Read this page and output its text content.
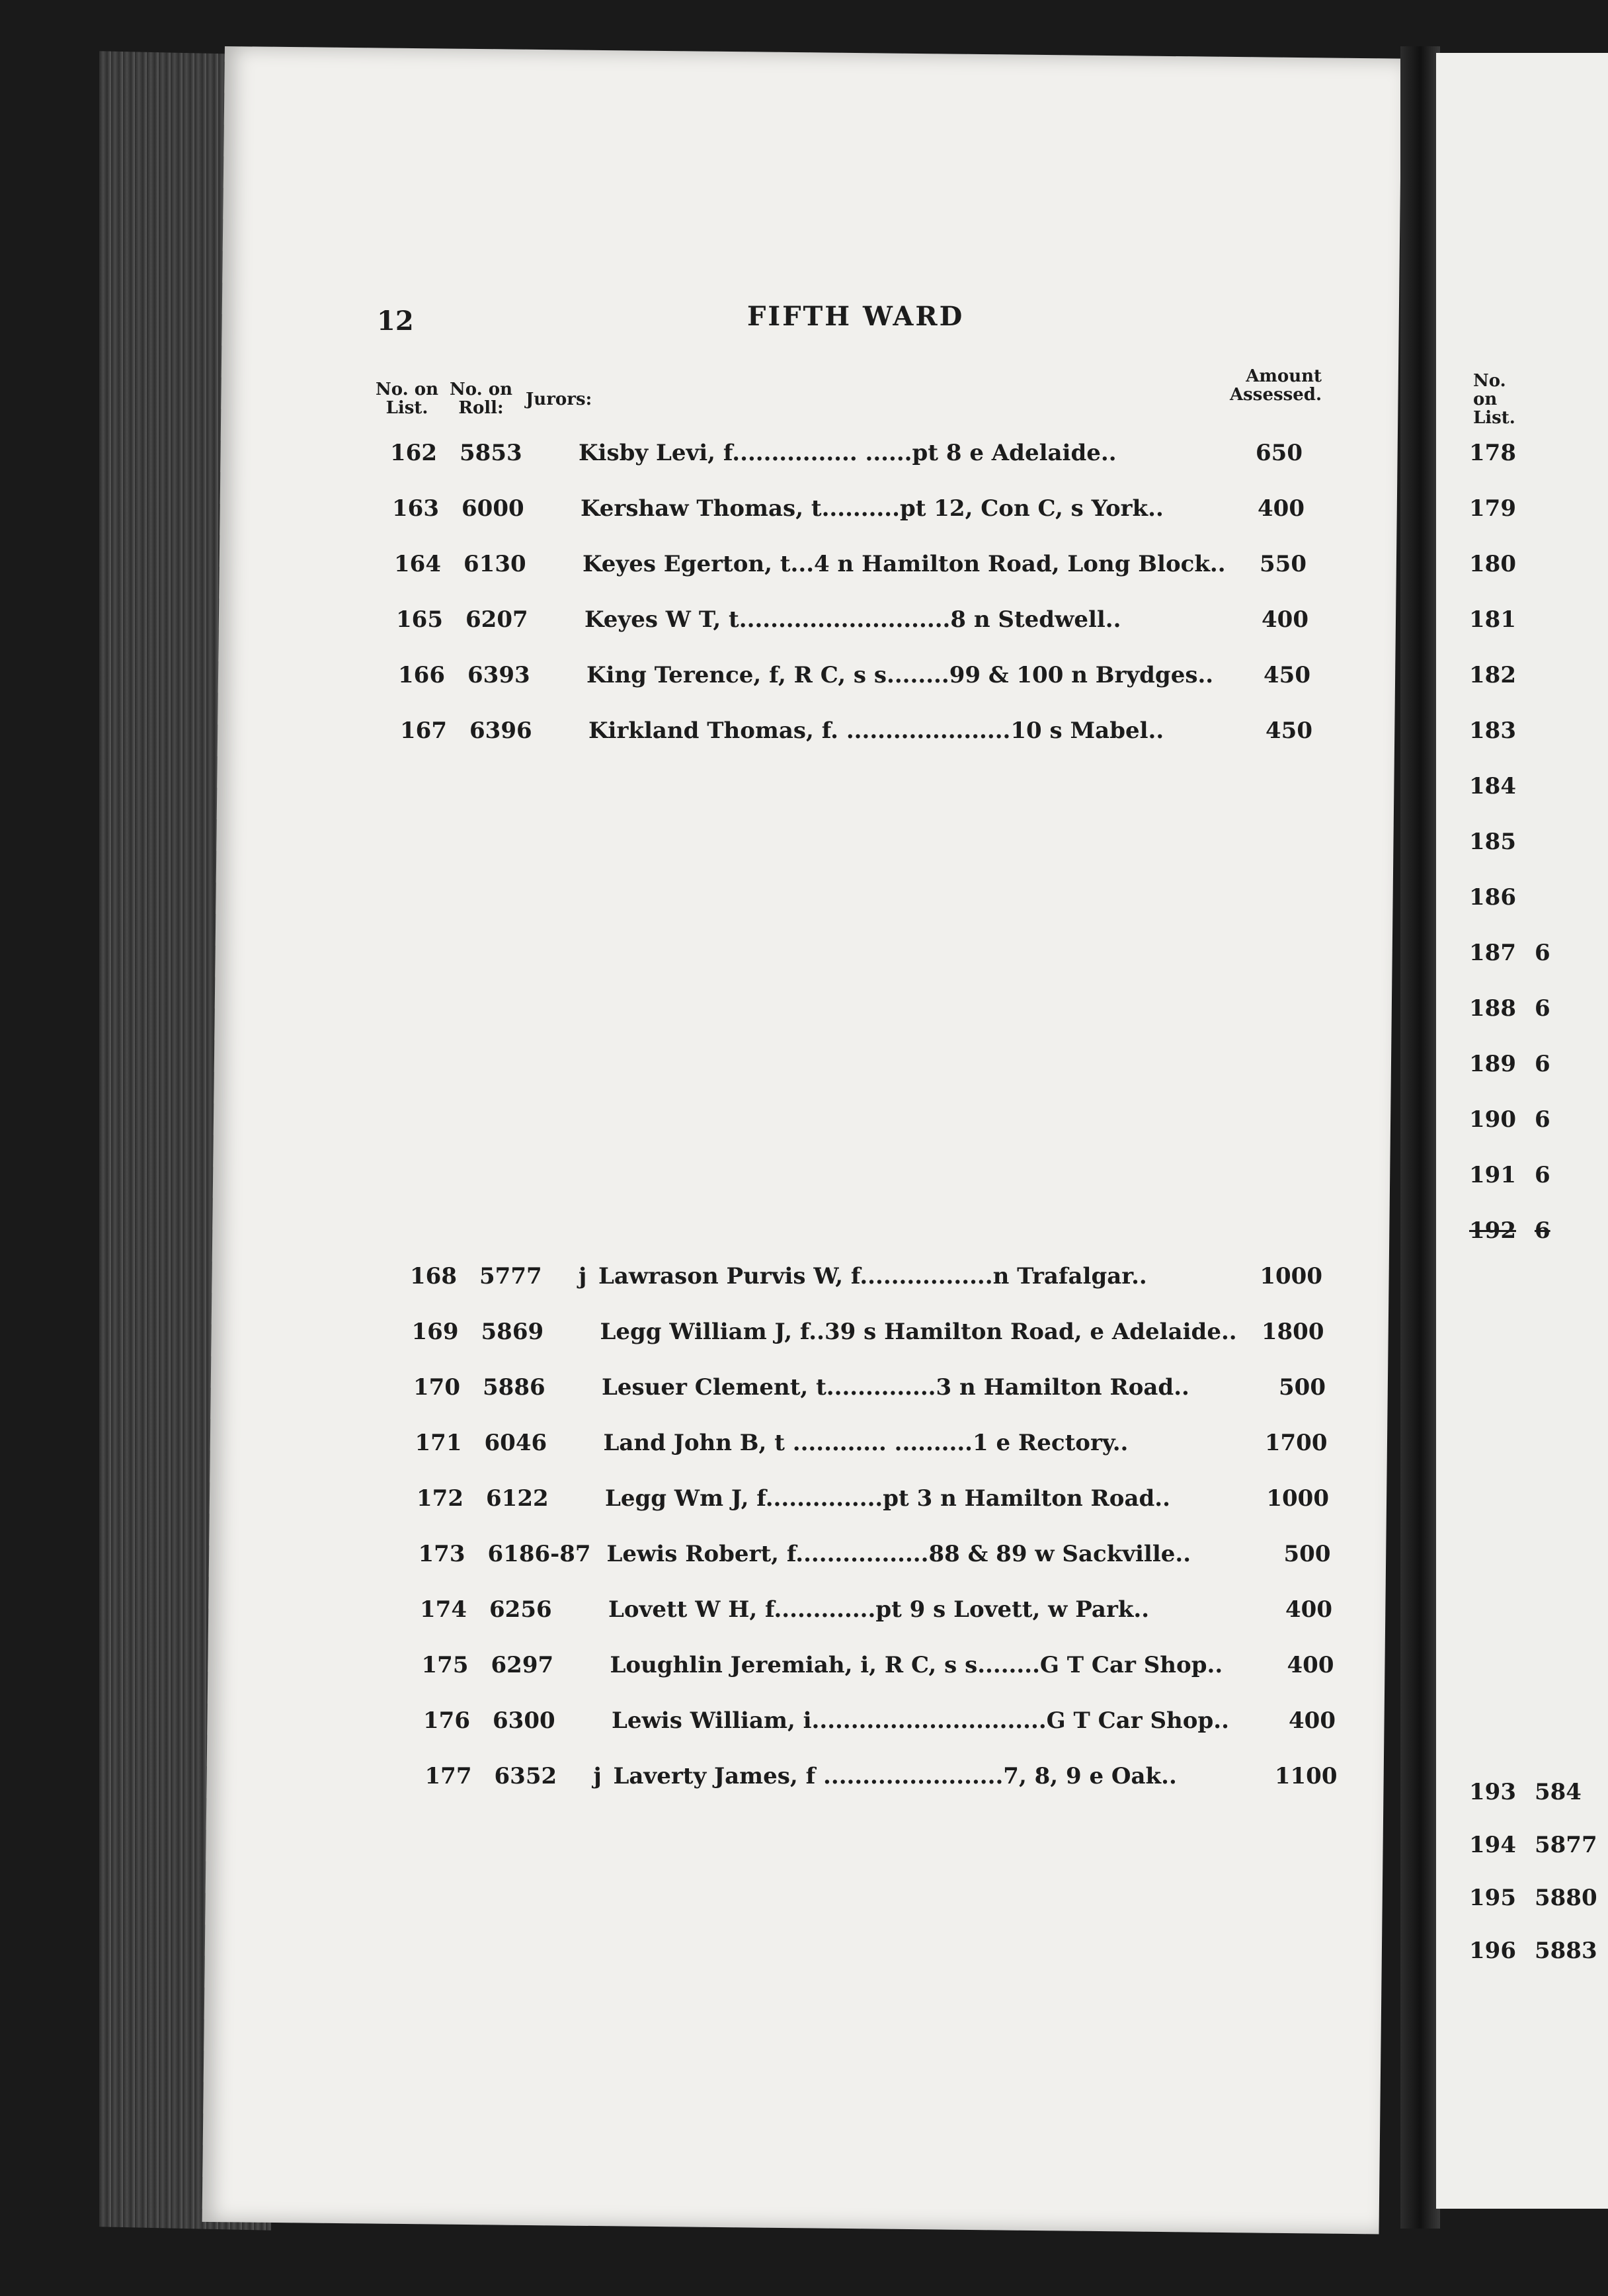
12	FIFTH WARD
No. on
List.
No. on
Roll:	Jurors:
Amount
Assessed.
162 5853	Kisby Levi, f................ ......pt 8 e Adelaide..	650
163 6000	Kershaw Thomas, t..........pt 12, Con C, s York..	400
164 6130	Keyes Egerton, t...4 n Hamilton Road, Long Block.. 550
165 6207	Keyes W T, t...........................8 n Stedwell..	400
166 6393	King Terence, f, R C, s s........99 & 100 n Brydges.. 450
167 6396	Kirkland Thomas, f. .....................10 s Mabel..	450
168 5777 j Lawrason Purvis W, f.................n Trafalgar..	1000
169 5869	Legg William J, f..39 s Hamilton Road, e Adelaide.. 1800
170 5886	Lesuer Clement, t..............3 n Hamilton Road..	500
171 6046	Land John B, t ............ ..........1 e Rectory..	1700
172 6122	Legg Wm J, f...............pt 3 n Hamilton Road..	1000
173 6186-87 Lewis Robert, f.................88 & 89 w Sackville..	500
174 6256	Lovett W H, f.............pt 9 s Lovett, w Park..	400
175 6297	Loughlin Jeremiah, i, R C, s s........G T Car Shop..	400
176 6300	Lewis William, i..............................G T Car Shop..	400
177 6352 j Laverty James, f .......................7, 8, 9 e Oak..	1100
No. on
List.
178
179
180
181
182
183
184
185
186
187 6
188 6
189 6
190 6
191 6
192 6
193 584
194 5877
195 5880
196 5883
